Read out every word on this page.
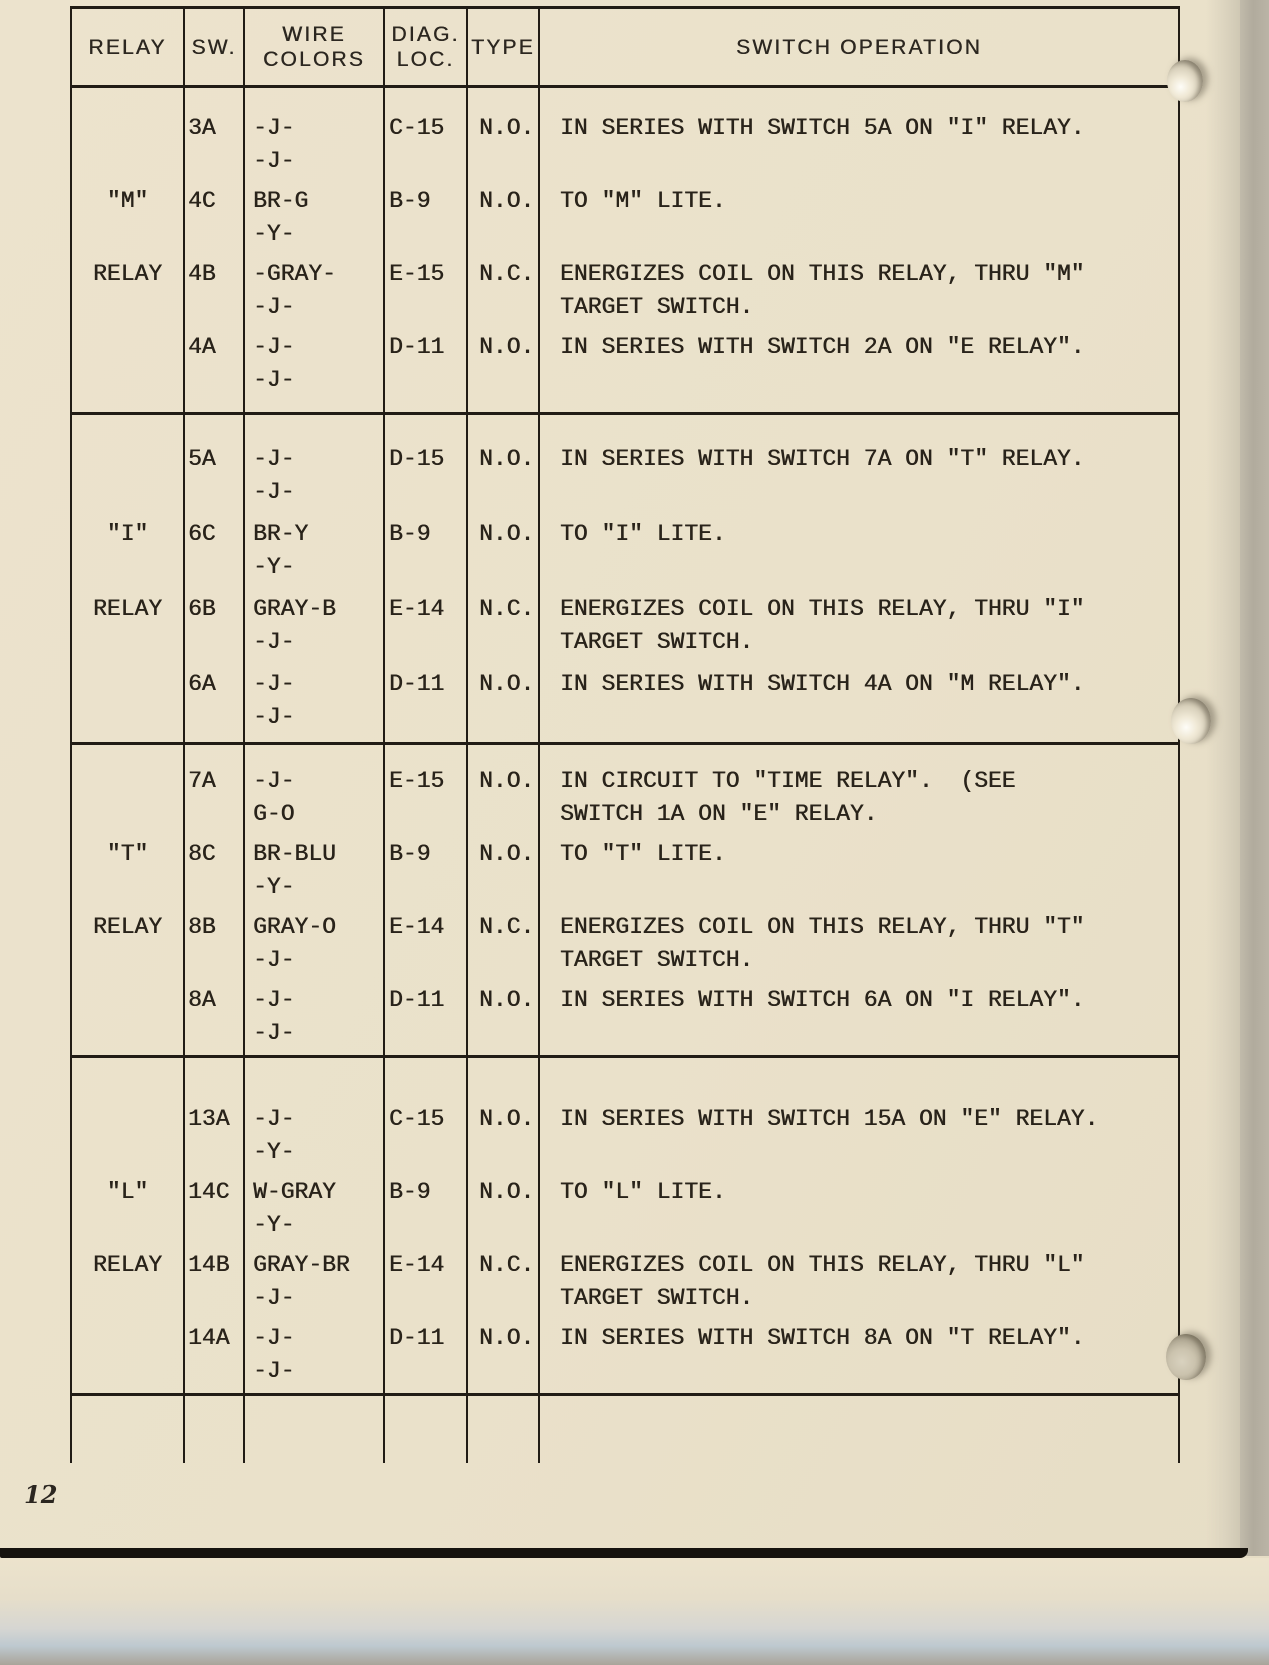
RELAY SW.
WIRE
COLORS
DIAG.
LOC.
TYPE	SWITCH OPERATION
"M"
RELAY
3A
4C
4B
4A
-J-
-J-
BR-G
-Y-
-GRAY-
-J-
-J-
-J-
C-15
B-9
E-15
D-11
N.O.
N.O.
N.C.
N.O.
IN SERIES WITH SWITCH 5A ON "I" RELAY.
TO "M" LITE.
ENERGIZES COIL ON THIS RELAY, THRU "M"
TARGET SWITCH.
IN SERIES WITH SWITCH 2A ON "E RELAY".
"I"
RELAY
5A
6C
6B
6A
-J-
-J-
BR-Y
-Y-
GRAY-B
-J-
-J-
-J-
D-15
B-9
E-14
D-11
N.O.
N.O.
N.C.
N.O.
IN SERIES WITH SWITCH 7A ON "T" RELAY.
TO "I" LITE.
ENERGIZES COIL ON THIS RELAY, THRU "I"
TARGET SWITCH.
IN SERIES WITH SWITCH 4A ON "M RELAY".
"T"
RELAY
7A
8C
8B
8A
-J-
G-O
BR-BLU
-Y-
GRAY-O
-J-
-J-
-J-
E-15
B-9
E-14
D-11
N.O.
N.O.
N.C.
N.O.
IN CIRCUIT TO "TIME RELAY".  (SEE
SWITCH 1A ON "E" RELAY.
TO "T" LITE.
ENERGIZES COIL ON THIS RELAY, THRU "T"
TARGET SWITCH.
IN SERIES WITH SWITCH 6A ON "I RELAY".
"L"
RELAY
13A
14C
14B
14A
-J-
-Y-
W-GRAY
-Y-
GRAY-BR
-J-
-J-
-J-
C-15
B-9
E-14
D-11
N.O.
N.O.
N.C.
N.O.
IN SERIES WITH SWITCH 15A ON "E" RELAY.
TO "L" LITE.
ENERGIZES COIL ON THIS RELAY, THRU "L"
TARGET SWITCH.
IN SERIES WITH SWITCH 8A ON "T RELAY".
12
